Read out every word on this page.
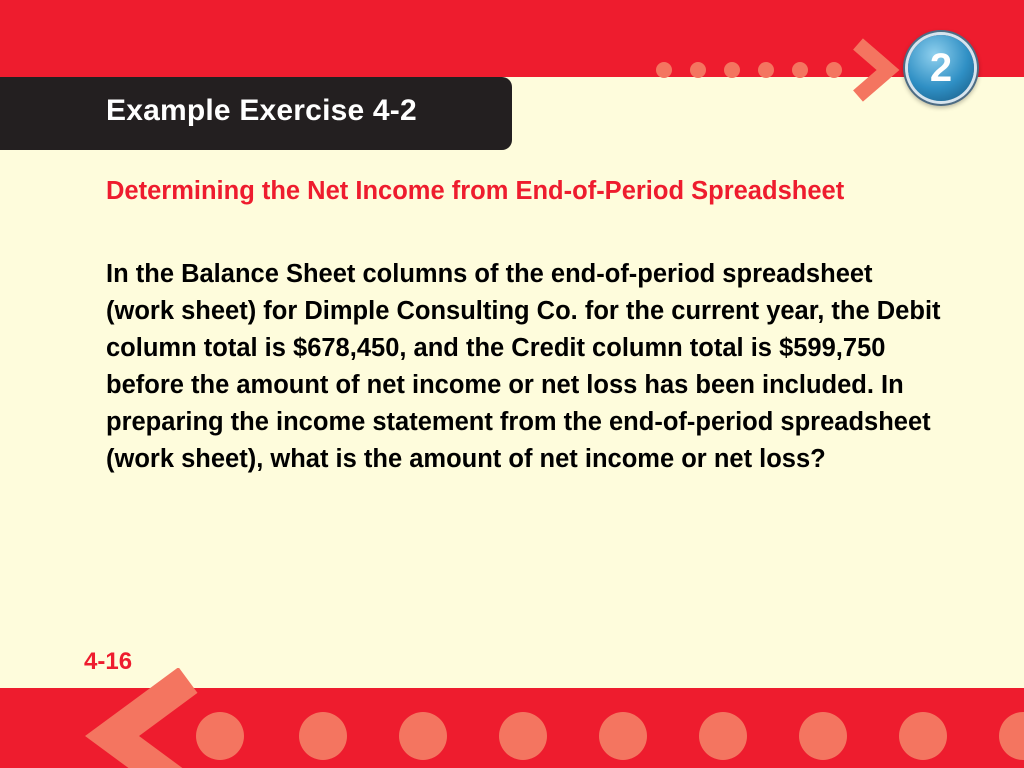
2
Example Exercise 4-2
Determining the Net Income from End-of-Period Spreadsheet
In the Balance Sheet columns of the end-of-period spreadsheet (work sheet) for Dimple Consulting Co. for the current year, the Debit column total is $678,450, and the Credit column total is $599,750 before the amount of net income or net loss has been included. In preparing the income statement from the end-of-period spreadsheet (work sheet), what is the amount of net income or net loss?
4-16
